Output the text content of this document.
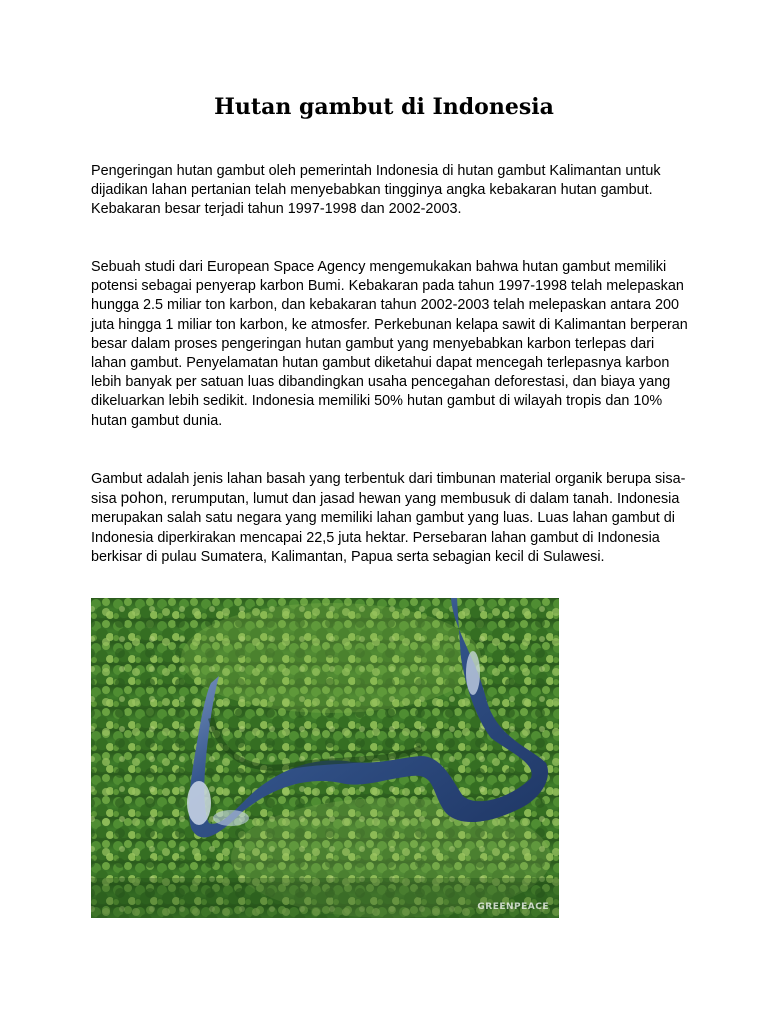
Hutan gambut di Indonesia

Pengeringan hutan gambut oleh pemerintah Indonesia di hutan gambut Kalimantan untuk dijadikan lahan pertanian telah menyebabkan tingginya angka kebakaran hutan gambut. Kebakaran besar terjadi tahun 1997-1998 dan 2002-2003.

Sebuah studi dari European Space Agency mengemukakan bahwa hutan gambut memiliki potensi sebagai penyerap karbon Bumi. Kebakaran pada tahun 1997-1998 telah melepaskan hungga 2.5 miliar ton karbon, dan kebakaran tahun 2002-2003 telah melepaskan antara 200 juta hingga 1 miliar ton karbon, ke atmosfer. Perkebunan kelapa sawit di Kalimantan berperan besar dalam proses pengeringan hutan gambut yang menyebabkan karbon terlepas dari lahan gambut. Penyelamatan hutan gambut diketahui dapat mencegah terlepasnya karbon lebih banyak per satuan luas dibandingkan usaha pencegahan deforestasi, dan biaya yang dikeluarkan lebih sedikit. Indonesia memiliki 50% hutan gambut di wilayah tropis dan 10% hutan gambut dunia.

Gambut adalah jenis lahan basah yang terbentuk dari timbunan material organik berupa sisa-sisa pohon, rerumputan, lumut dan jasad hewan yang membusuk di dalam tanah. Indonesia merupakan salah satu negara yang memiliki lahan gambut yang luas. Luas lahan gambut di Indonesia diperkirakan mencapai 22,5 juta hektar. Persebaran lahan gambut di Indonesia berkisar di pulau Sumatera, Kalimantan, Papua serta sebagian kecil di Sulawesi.

GREENPEACE
